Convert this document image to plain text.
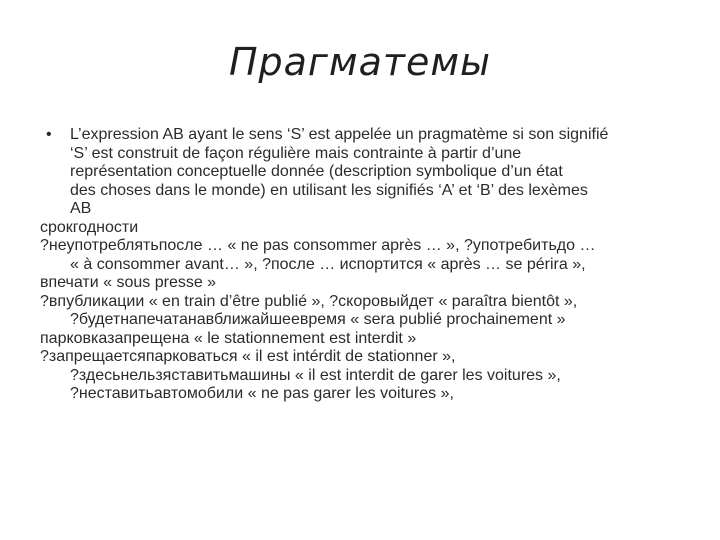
Прагматемы
• L’expression AB ayant le sens ‘S’ est appelée un pragmatème si son signifié
‘S’ est construit de façon régulière mais contrainte à partir d’une
représentation conceptuelle donnée (description symbolique d’un état
des choses dans le monde) en utilisant les signifiés ‘A’ et ‘B’ des lexèmes
AB
срокгодности
?неупотреблятьпосле … « ne pas consommer après … », ?употребитьдо …
« à consommer avant… », ?после … испортится « après … se périra »,
впечати « sous presse »
?впубликации « en train d’être publié », ?скоровыйдет « paraîtra bientôt »,
?будетнапечатанавближайшеевремя « sera publié prochainement »
парковказапрещена « le stationnement est interdit »
?запрещаетсяпарковаться « il est intérdit de stationner »,
?здесьнельзяставитьмашины « il est interdit de garer les voitures »,
?неставитьавтомобили « ne pas garer les voitures »,
